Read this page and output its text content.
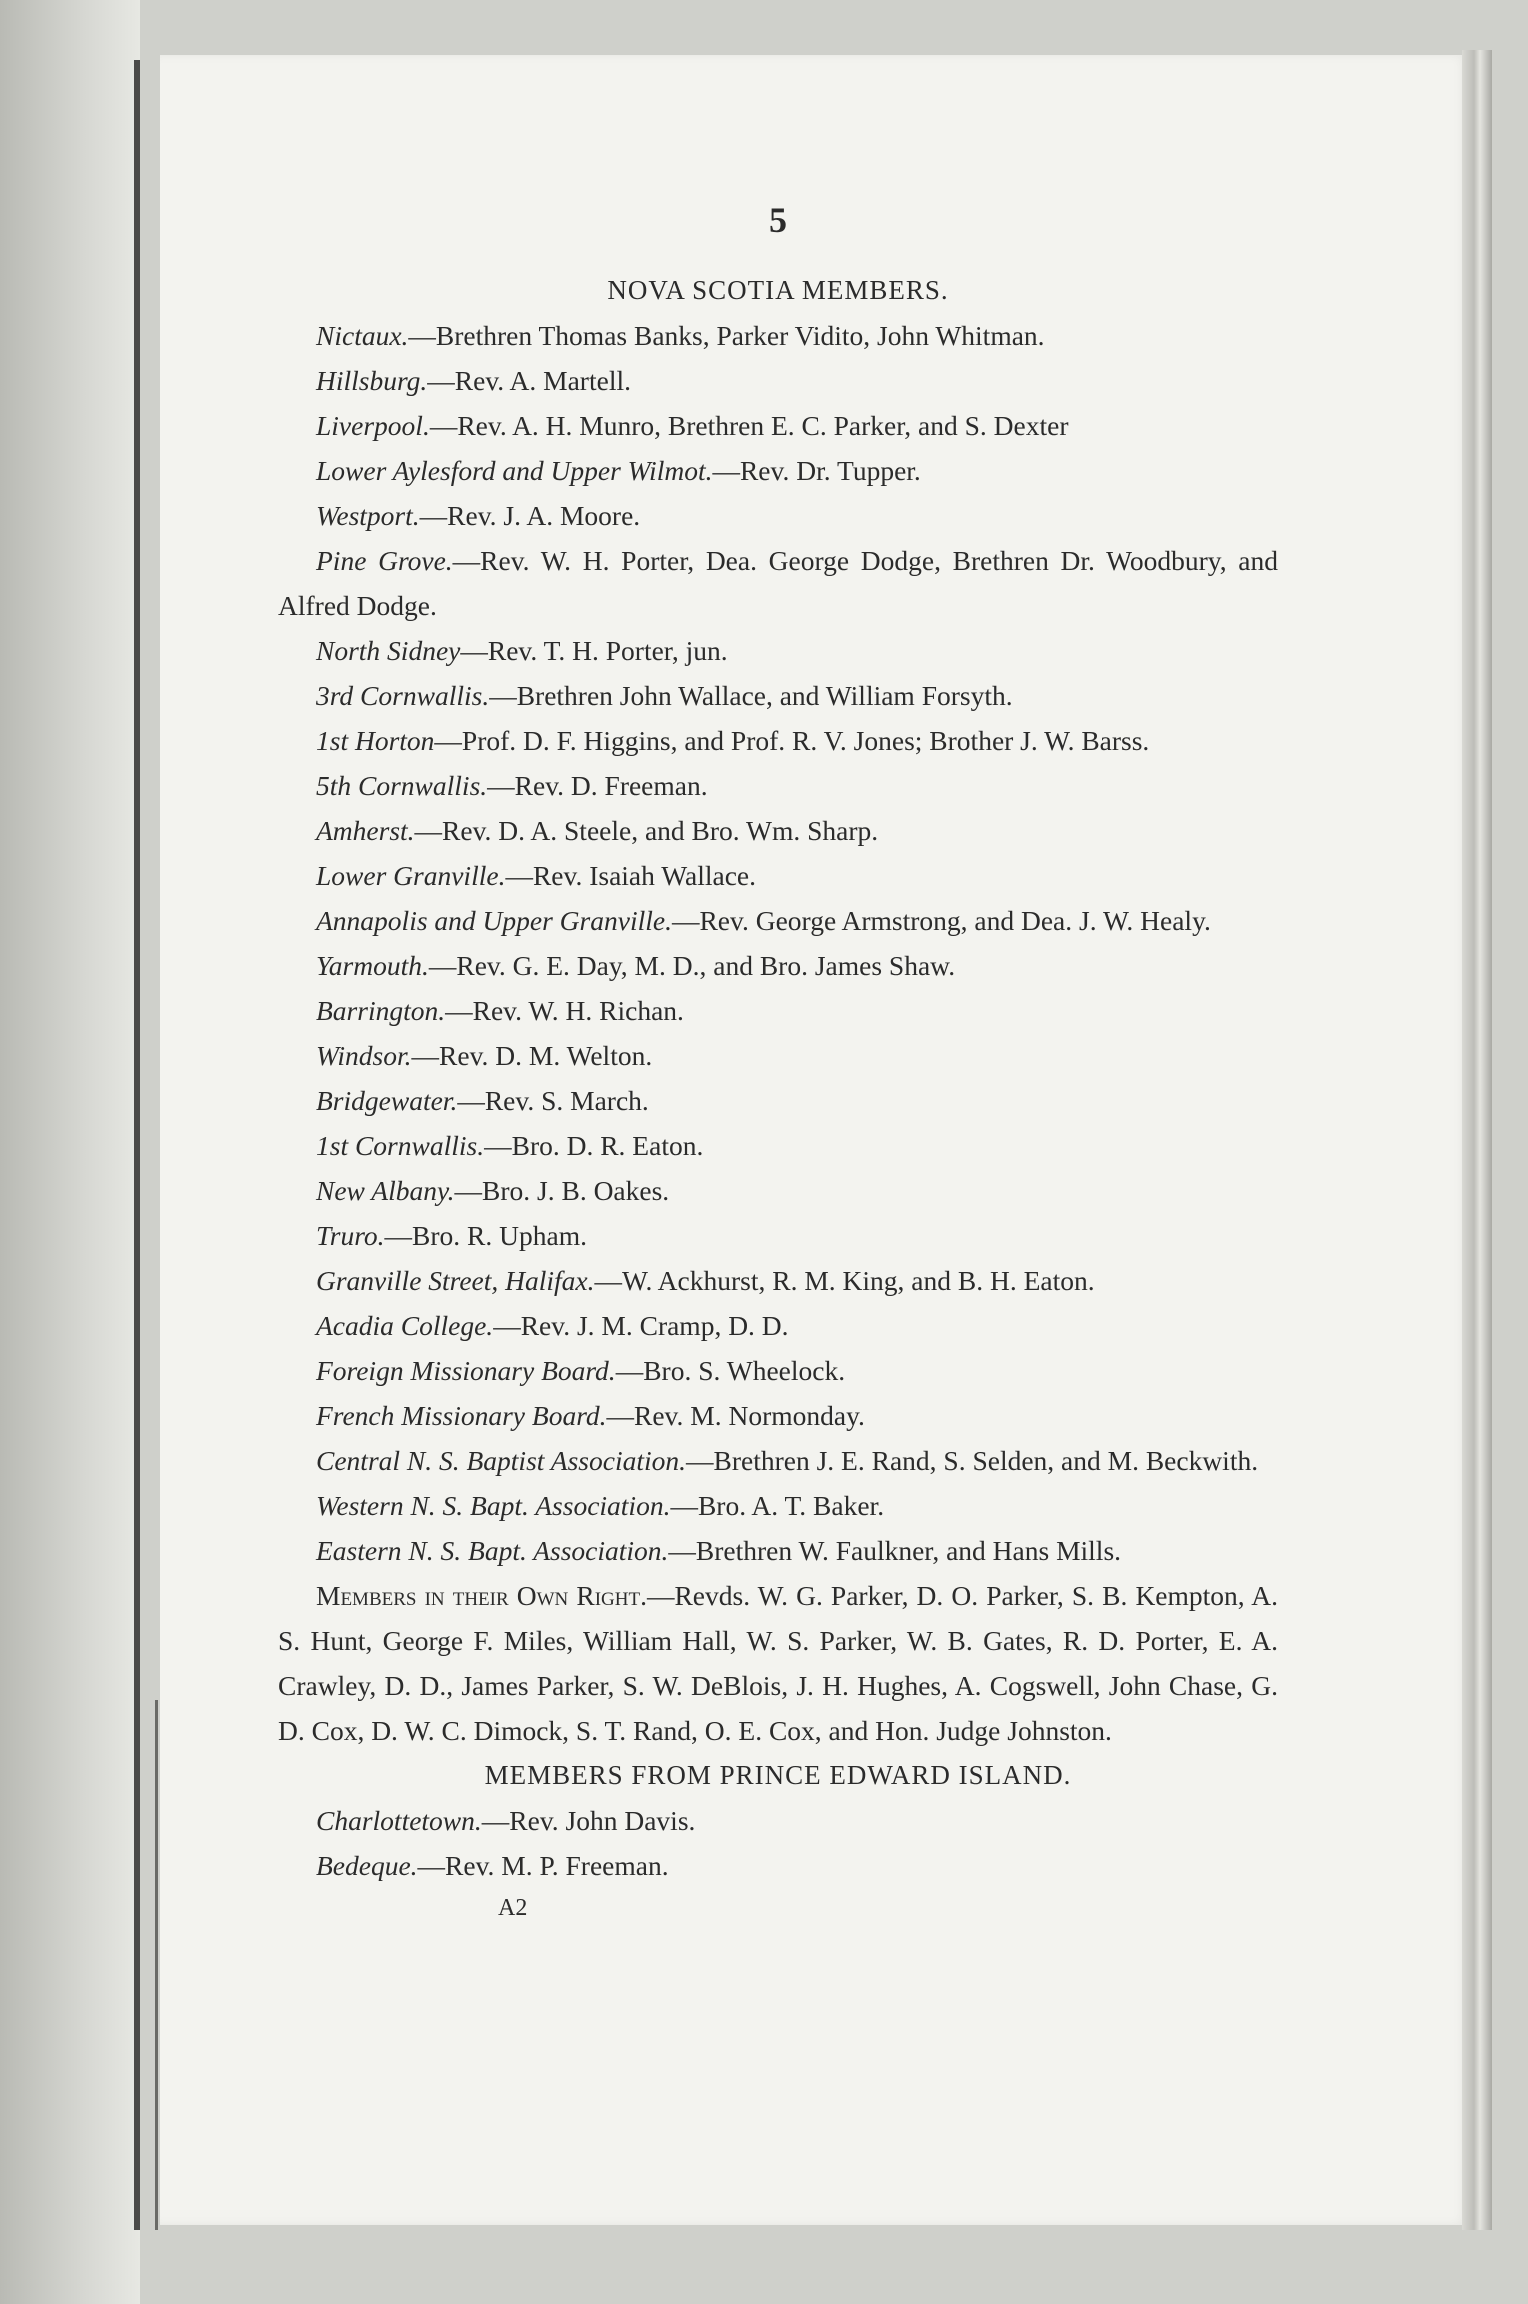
5

NOVA SCOTIA MEMBERS.

Nictaux.—Brethren Thomas Banks, Parker Vidito, John Whitman.

Hillsburg.—Rev. A. Martell.

Liverpool.—Rev. A. H. Munro, Brethren E. C. Parker, and S. Dexter

Lower Aylesford and Upper Wilmot.—Rev. Dr. Tupper.

Westport.—Rev. J. A. Moore.

Pine Grove.—Rev. W. H. Porter, Dea. George Dodge, Brethren Dr. Woodbury, and Alfred Dodge.

North Sidney—Rev. T. H. Porter, jun.

3rd Cornwallis.—Brethren John Wallace, and William Forsyth.

1st Horton—Prof. D. F. Higgins, and Prof. R. V. Jones; Brother J. W. Barss.

5th Cornwallis.—Rev. D. Freeman.

Amherst.—Rev. D. A. Steele, and Bro. Wm. Sharp.

Lower Granville.—Rev. Isaiah Wallace.

Annapolis and Upper Granville.—Rev. George Armstrong, and Dea. J. W. Healy.

Yarmouth.—Rev. G. E. Day, M. D., and Bro. James Shaw.

Barrington.—Rev. W. H. Richan.

Windsor.—Rev. D. M. Welton.

Bridgewater.—Rev. S. March.

1st Cornwallis.—Bro. D. R. Eaton.

New Albany.—Bro. J. B. Oakes.

Truro.—Bro. R. Upham.

Granville Street, Halifax.—W. Ackhurst, R. M. King, and B. H. Eaton.

Acadia College.—Rev. J. M. Cramp, D. D.

Foreign Missionary Board.—Bro. S. Wheelock.

French Missionary Board.—Rev. M. Normonday.

Central N. S. Baptist Association.—Brethren J. E. Rand, S. Selden, and M. Beckwith.

Western N. S. Bapt. Association.—Bro. A. T. Baker.

Eastern N. S. Bapt. Association.—Brethren W. Faulkner, and Hans Mills.

Members in their Own Right.—Revds. W. G. Parker, D. O. Parker, S. B. Kempton, A. S. Hunt, George F. Miles, William Hall, W. S. Parker, W. B. Gates, R. D. Porter, E. A. Crawley, D. D., James Parker, S. W. DeBlois, J. H. Hughes, A. Cogswell, John Chase, G. D. Cox, D. W. C. Dimock, S. T. Rand, O. E. Cox, and Hon. Judge Johnston.

MEMBERS FROM PRINCE EDWARD ISLAND.

Charlottetown.—Rev. John Davis.

Bedeque.—Rev. M. P. Freeman.

A2
